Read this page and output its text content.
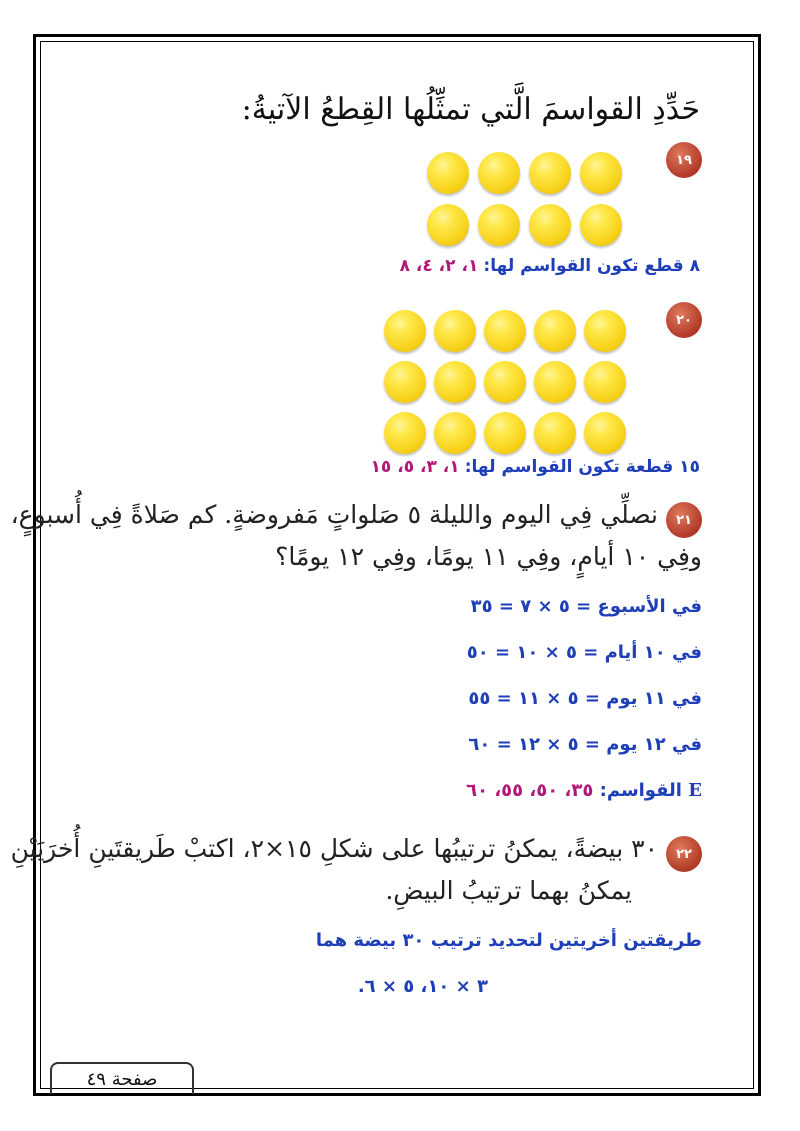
حَدِّدِ القواسمَ الَّتي تمثِّلُها القِطعُ الآتيةُ:
١٩
٨ قطع تكون القواسم لها: ١، ٢، ٤، ٨
٢٠
١٥ قطعة تكون القواسم لها: ١، ٣، ٥، ١٥
٢١
نصلِّي فِي اليوم والليلة ٥ صَلواتٍ مَفروضةٍ. كم صَلاةً فِي أُسبوعٍ،
وفِي ١٠ أيامٍ، وفِي ١١ يومًا، وفِي ١٢ يومًا؟
في الأسبوع = ٥ × ٧ = ٣٥
في ١٠ أيام = ٥ × ١٠ = ٥٠
في ١١ يوم = ٥ × ١١ = ٥٥
في ١٢ يوم = ٥ × ١٢ = ٦٠
E القواسم: ٣٥، ٥٠، ٥٥، ٦٠
٢٢
٣٠ بيضةً، يمكنُ ترتيبُها على شكلِ ١٥×٢، اكتبْ طَريقتَينِ أُخرَيَيْنِ
يمكنُ بهما ترتيبُ البيضِ.
طريقتين أخريتين لتحديد ترتيب ٣٠ بيضة هما
٣ × ١٠، ٥ × ٦.
صفحة ٤٩
